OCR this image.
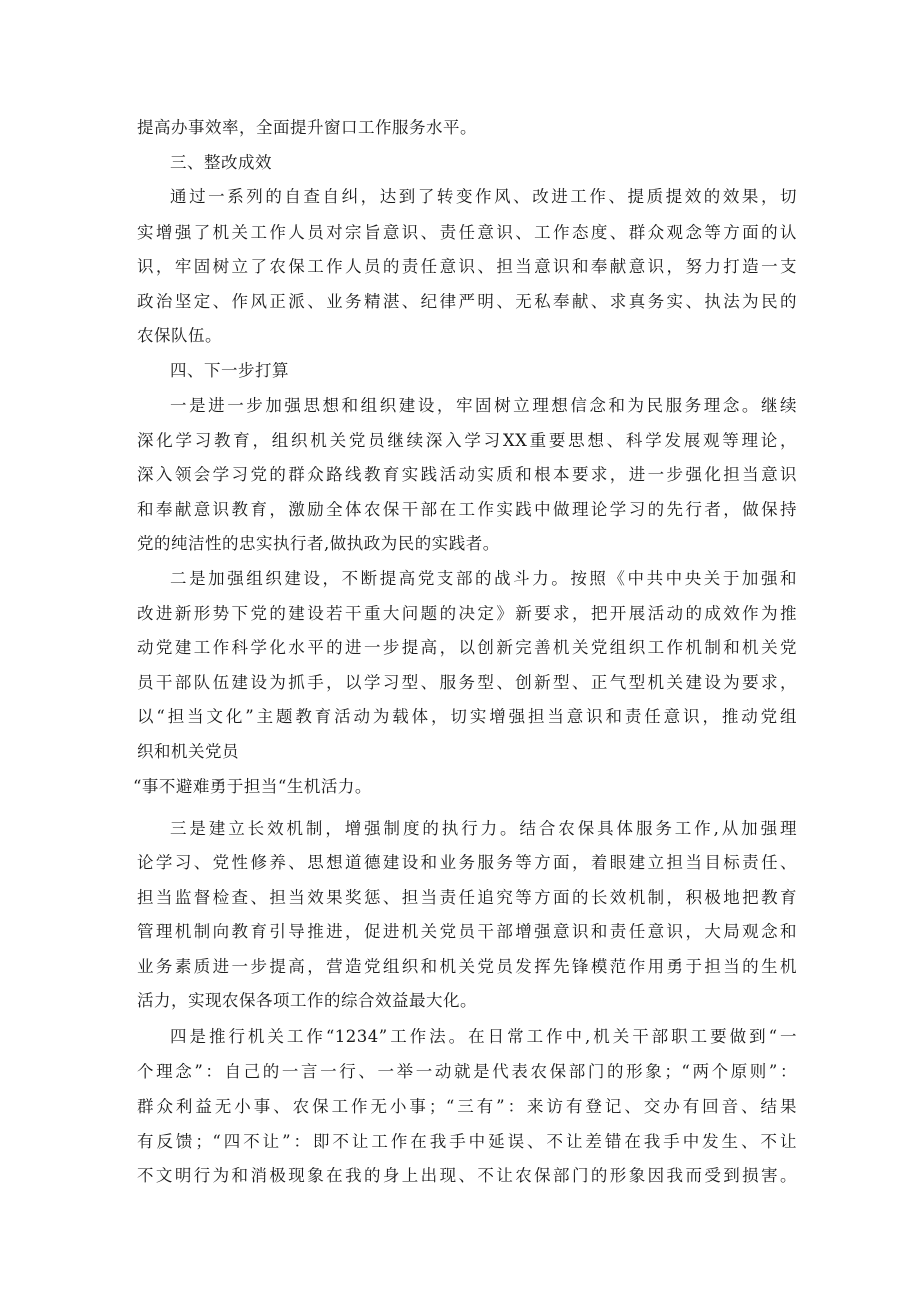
提高办事效率，全面提升窗口工作服务水平。
三、整改成效
通过一系列的自查自纠，达到了转变作风、改进工作、提质提效的效果，切
实增强了机关工作人员对宗旨意识、责任意识、工作态度、群众观念等方面的认
识，牢固树立了农保工作人员的责任意识、担当意识和奉献意识，努力打造一支
政治坚定、作风正派、业务精湛、纪律严明、无私奉献、求真务实、执法为民的
农保队伍。
四、下一步打算
一是进一步加强思想和组织建设，牢固树立理想信念和为民服务理念。继续
深化学习教育，组织机关党员继续深入学习XX重要思想、科学发展观等理论，
深入领会学习党的群众路线教育实践活动实质和根本要求，进一步强化担当意识
和奉献意识教育，激励全体农保干部在工作实践中做理论学习的先行者，做保持
党的纯洁性的忠实执行者,做执政为民的实践者。
二是加强组织建设，不断提高党支部的战斗力。按照《中共中央关于加强和
改进新形势下党的建设若干重大问题的决定》新要求，把开展活动的成效作为推
动党建工作科学化水平的进一步提高，以创新完善机关党组织工作机制和机关党
员干部队伍建设为抓手，以学习型、服务型、创新型、正气型机关建设为要求，
以“担当文化”主题教育活动为载体，切实增强担当意识和责任意识，推动党组
织和机关党员
“事不避难勇于担当“生机活力。
三是建立长效机制，增强制度的执行力。结合农保具体服务工作,从加强理
论学习、党性修养、思想道德建设和业务服务等方面，着眼建立担当目标责任、
担当监督检查、担当效果奖惩、担当责任追究等方面的长效机制，积极地把教育
管理机制向教育引导推进，促进机关党员干部增强意识和责任意识，大局观念和
业务素质进一步提高，营造党组织和机关党员发挥先锋模范作用勇于担当的生机
活力，实现农保各项工作的综合效益最大化。
四是推行机关工作“1234”工作法。在日常工作中,机关干部职工要做到“一
个理念”：自己的一言一行、一举一动就是代表农保部门的形象；“两个原则”：
群众利益无小事、农保工作无小事；“三有”：来访有登记、交办有回音、结果
有反馈；“四不让”：即不让工作在我手中延误、不让差错在我手中发生、不让
不文明行为和消极现象在我的身上出现、不让农保部门的形象因我而受到损害。
